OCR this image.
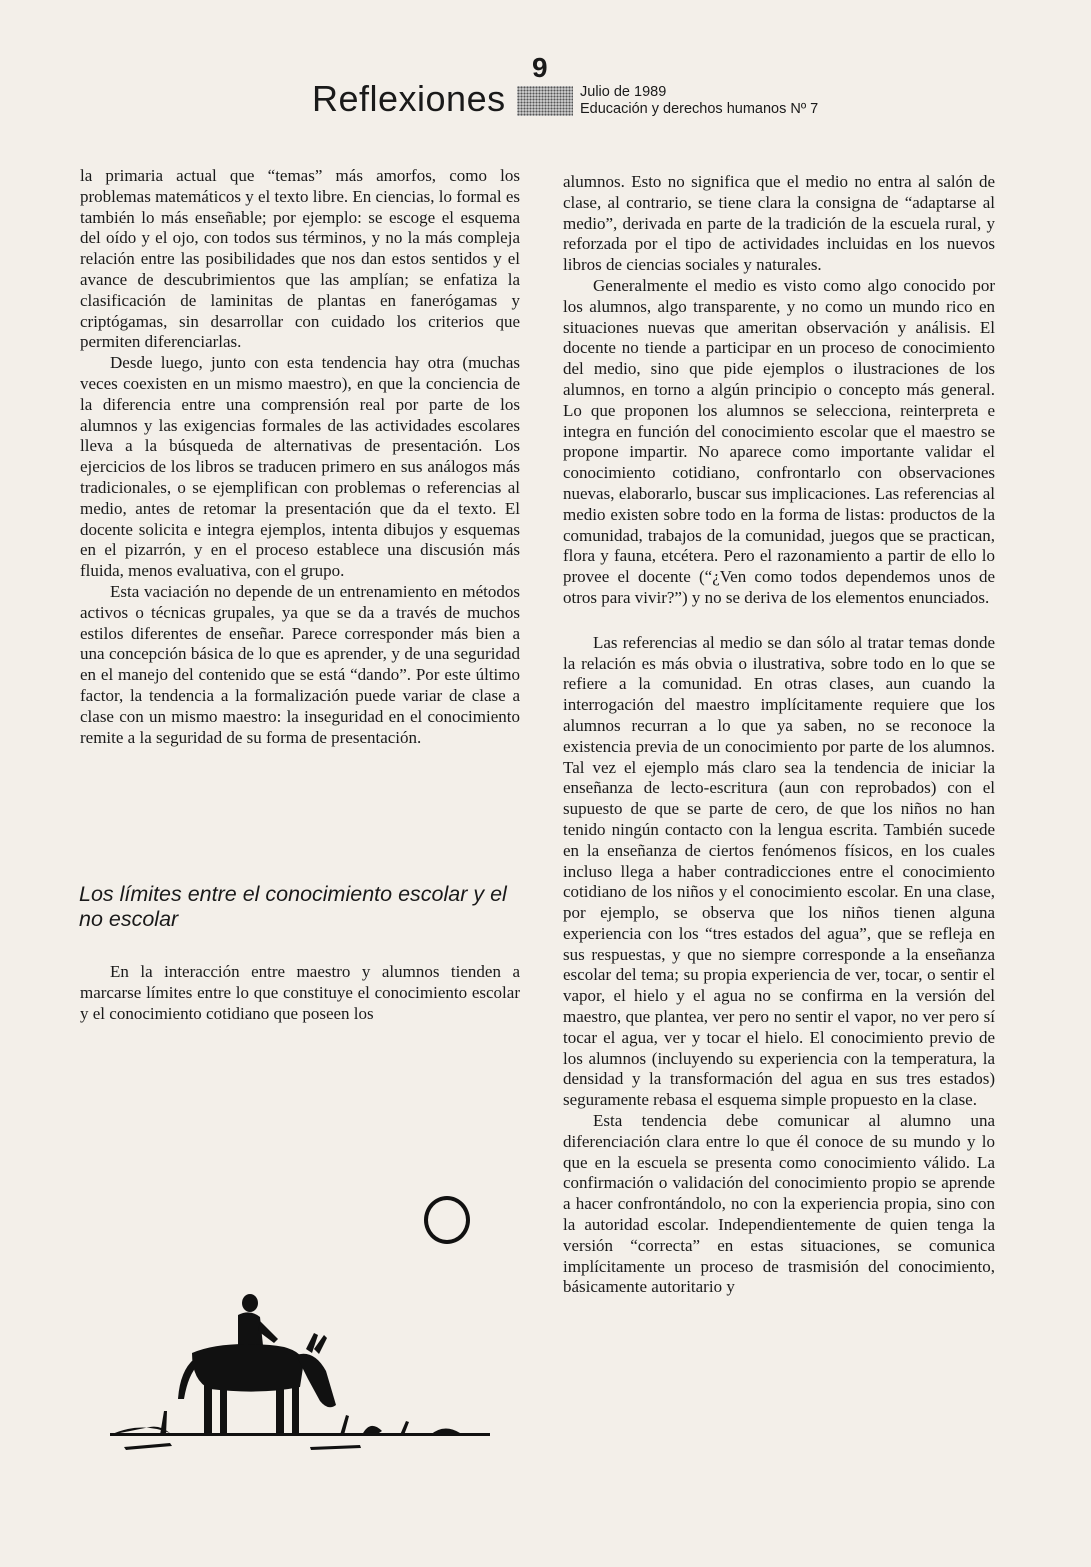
9
Reflexiones	Julio de 1989
Educación y derechos humanos Nº 7

la primaria actual que “temas” más amorfos, como los problemas matemáticos y el texto libre. En ciencias, lo formal es también lo más enseñable; por ejemplo: se escoge el esquema del oído y el ojo, con todos sus términos, y no la más compleja relación entre las posibilidades que nos dan estos sentidos y el avance de descubrimientos que las amplían; se enfatiza la clasificación de laminitas de plantas en fanerógamas y criptógamas, sin desarrollar con cuidado los criterios que permiten diferenciarlas.

Desde luego, junto con esta tendencia hay otra (muchas veces coexisten en un mismo maestro), en que la conciencia de la diferencia entre una comprensión real por parte de los alumnos y las exigencias formales de las actividades escolares lleva a la búsqueda de alternativas de presentación. Los ejercicios de los libros se traducen primero en sus análogos más tradicionales, o se ejemplifican con problemas o referencias al medio, antes de retomar la presentación que da el texto. El docente solicita e integra ejemplos, intenta dibujos y esquemas en el pizarrón, y en el proceso establece una discusión más fluida, menos evaluativa, con el grupo.

Esta vaciación no depende de un entrenamiento en métodos activos o técnicas grupales, ya que se da a través de muchos estilos diferentes de enseñar. Parece corresponder más bien a una concepción básica de lo que es aprender, y de una seguridad en el manejo del contenido que se está “dando”. Por este último factor, la tendencia a la formalización puede variar de clase a clase con un mismo maestro: la inseguridad en el conocimiento remite a la seguridad de su forma de presentación.

Los límites entre el conocimiento escolar y el no escolar

En la interacción entre maestro y alumnos tienden a marcarse límites entre lo que constituye el conocimiento escolar y el conocimiento cotidiano que poseen los

alumnos. Esto no significa que el medio no entra al salón de clase, al contrario, se tiene clara la consigna de “adaptarse al medio”, derivada en parte de la tradición de la escuela rural, y reforzada por el tipo de actividades incluidas en los nuevos libros de ciencias sociales y naturales.

Generalmente el medio es visto como algo conocido por los alumnos, algo transparente, y no como un mundo rico en situaciones nuevas que ameritan observación y análisis. El docente no tiende a participar en un proceso de conocimiento del medio, sino que pide ejemplos o ilustraciones de los alumnos, en torno a algún principio o concepto más general. Lo que proponen los alumnos se selecciona, reinterpreta e integra en función del conocimiento escolar que el maestro se propone impartir. No aparece como importante validar el conocimiento cotidiano, confrontarlo con observaciones nuevas, elaborarlo, buscar sus implicaciones. Las referencias al medio existen sobre todo en la forma de listas: productos de la comunidad, trabajos de la comunidad, juegos que se practican, flora y fauna, etcétera. Pero el razonamiento a partir de ello lo provee el docente (“¿Ven como todos dependemos unos de otros para vivir?”) y no se deriva de los elementos enunciados.

Las referencias al medio se dan sólo al tratar temas donde la relación es más obvia o ilustrativa, sobre todo en lo que se refiere a la comunidad. En otras clases, aun cuando la interrogación del maestro implícitamente requiere que los alumnos recurran a lo que ya saben, no se reconoce la existencia previa de un conocimiento por parte de los alumnos. Tal vez el ejemplo más claro sea la tendencia de iniciar la enseñanza de lecto-escritura (aun con reprobados) con el supuesto de que se parte de cero, de que los niños no han tenido ningún contacto con la lengua escrita. También sucede en la enseñanza de ciertos fenómenos físicos, en los cuales incluso llega a haber contradicciones entre el conocimiento cotidiano de los niños y el conocimiento escolar. En una clase, por ejemplo, se observa que los niños tienen alguna experiencia con los “tres estados del agua”, que se refleja en sus respuestas, y que no siempre corresponde a la enseñanza escolar del tema; su propia experiencia de ver, tocar, o sentir el vapor, el hielo y el agua no se confirma en la versión del maestro, que plantea, ver pero no sentir el vapor, no ver pero sí tocar el agua, ver y tocar el hielo. El conocimiento previo de los alumnos (incluyendo su experiencia con la temperatura, la densidad y la transformación del agua en sus tres estados) seguramente rebasa el esquema simple propuesto en la clase.

Esta tendencia debe comunicar al alumno una diferenciación clara entre lo que él conoce de su mundo y lo que en la escuela se presenta como conocimiento válido. La confirmación o validación del conocimiento propio se aprende a hacer confrontándolo, no con la experiencia propia, sino con la autoridad escolar. Independientemente de quien tenga la versión “correcta” en estas situaciones, se comunica implícitamente un proceso de trasmisión del conocimiento, básicamente autoritario y
